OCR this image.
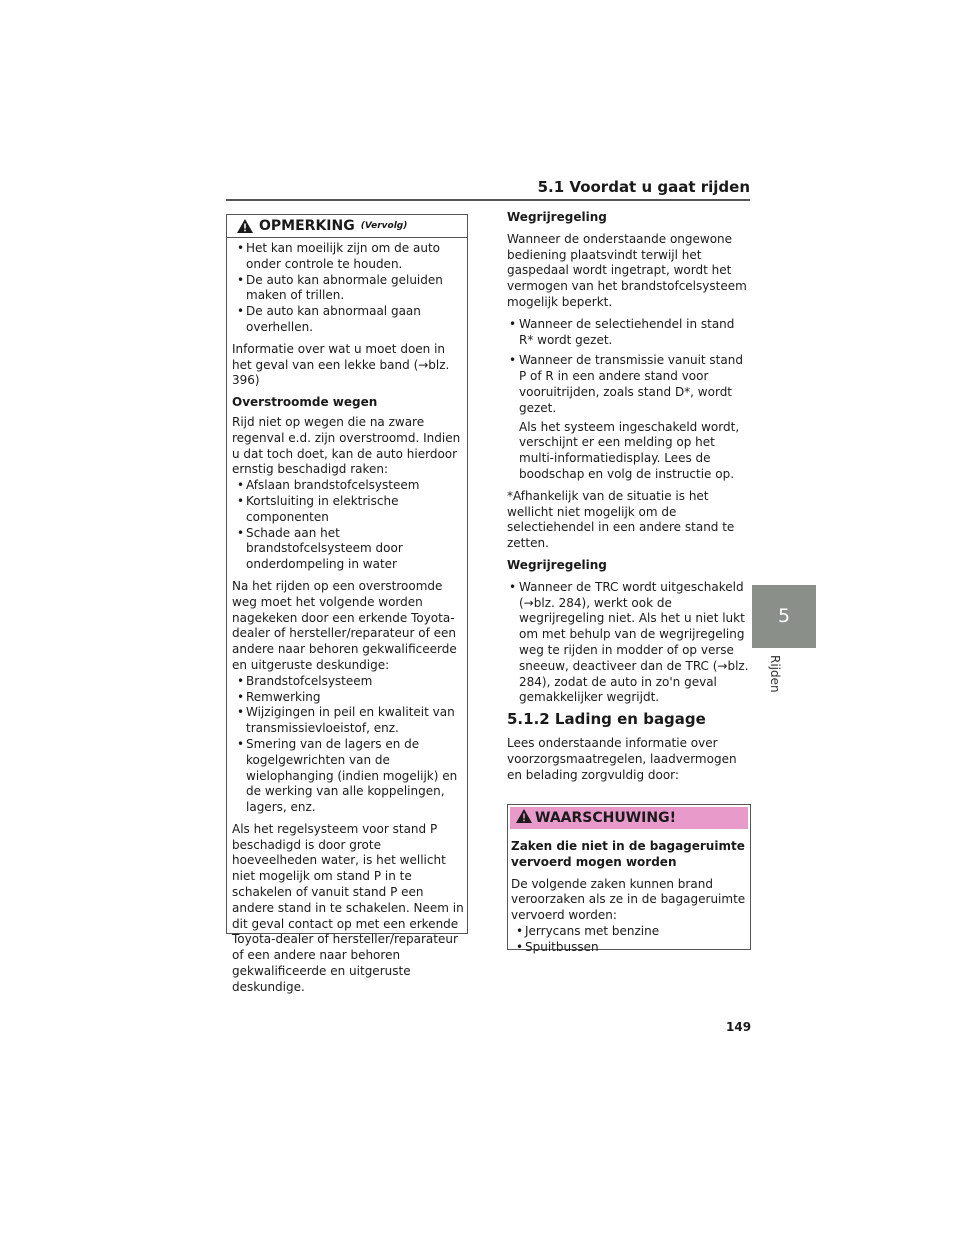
5.1 Voordat u gaat rijden
OPMERKING (Vervolg)
• Het kan moeilijk zijn om de auto onder controle te houden.
• De auto kan abnormale geluiden maken of trillen.
• De auto kan abnormaal gaan overhellen.

Informatie over wat u moet doen in het geval van een lekke band (→blz. 396)

Overstroomde wegen

Rijd niet op wegen die na zware regenval e.d. zijn overstroomd. Indien u dat toch doet, kan de auto hierdoor ernstig beschadigd raken:

• Afslaan brandstofcelsysteem
• Kortsluiting in elektrische componenten
• Schade aan het brandstofcelsysteem door onderdompeling in water

Na het rijden op een overstroomde weg moet het volgende worden nagekeken door een erkende Toyota-dealer of hersteller/reparateur of een andere naar behoren gekwalificeerde en uitgeruste deskundige:

• Brandstofcelsysteem
• Remwerking
• Wijzigingen in peil en kwaliteit van transmissievloeistof, enz.
• Smering van de lagers en de kogelgewrichten van de wielophanging (indien mogelijk) en de werking van alle koppelingen, lagers, enz.

Als het regelsysteem voor stand P beschadigd is door grote hoeveelheden water, is het wellicht niet mogelijk om stand P in te schakelen of vanuit stand P een andere stand in te schakelen. Neem in dit geval contact op met een erkende Toyota-dealer of hersteller/reparateur of een andere naar behoren gekwalificeerde en uitgeruste deskundige.

Wegrijregeling

Wanneer de onderstaande ongewone bediening plaatsvindt terwijl het gaspedaal wordt ingetrapt, wordt het vermogen van het brandstofcelsysteem mogelijk beperkt.

• Wanneer de selectiehendel in stand R* wordt gezet.
• Wanneer de transmissie vanuit stand P of R in een andere stand voor vooruitrijden, zoals stand D*, wordt gezet.

Als het systeem ingeschakeld wordt, verschijnt er een melding op het multi-informatiedisplay. Lees de boodschap en volg de instructie op.

*Afhankelijk van de situatie is het wellicht niet mogelijk om de selectiehendel in een andere stand te zetten.

Wegrijregeling

• Wanneer de TRC wordt uitgeschakeld (→blz. 284), werkt ook de wegrijregeling niet. Als het u niet lukt om met behulp van de wegrijregeling weg te rijden in modder of op verse sneeuw, deactiveer dan de TRC (→blz. 284), zodat de auto in zo'n geval gemakkelijker wegrijdt.
5.1.2 Lading en bagage

Lees onderstaande informatie over voorzorgsmaatregelen, laadvermogen en belading zorgvuldig door:

WAARSCHUWING!

Zaken die niet in de bagageruimte vervoerd mogen worden

De volgende zaken kunnen brand veroorzaken als ze in de bagageruimte vervoerd worden:

• Jerrycans met benzine
• Spuitbussen
5
Rijden
149
